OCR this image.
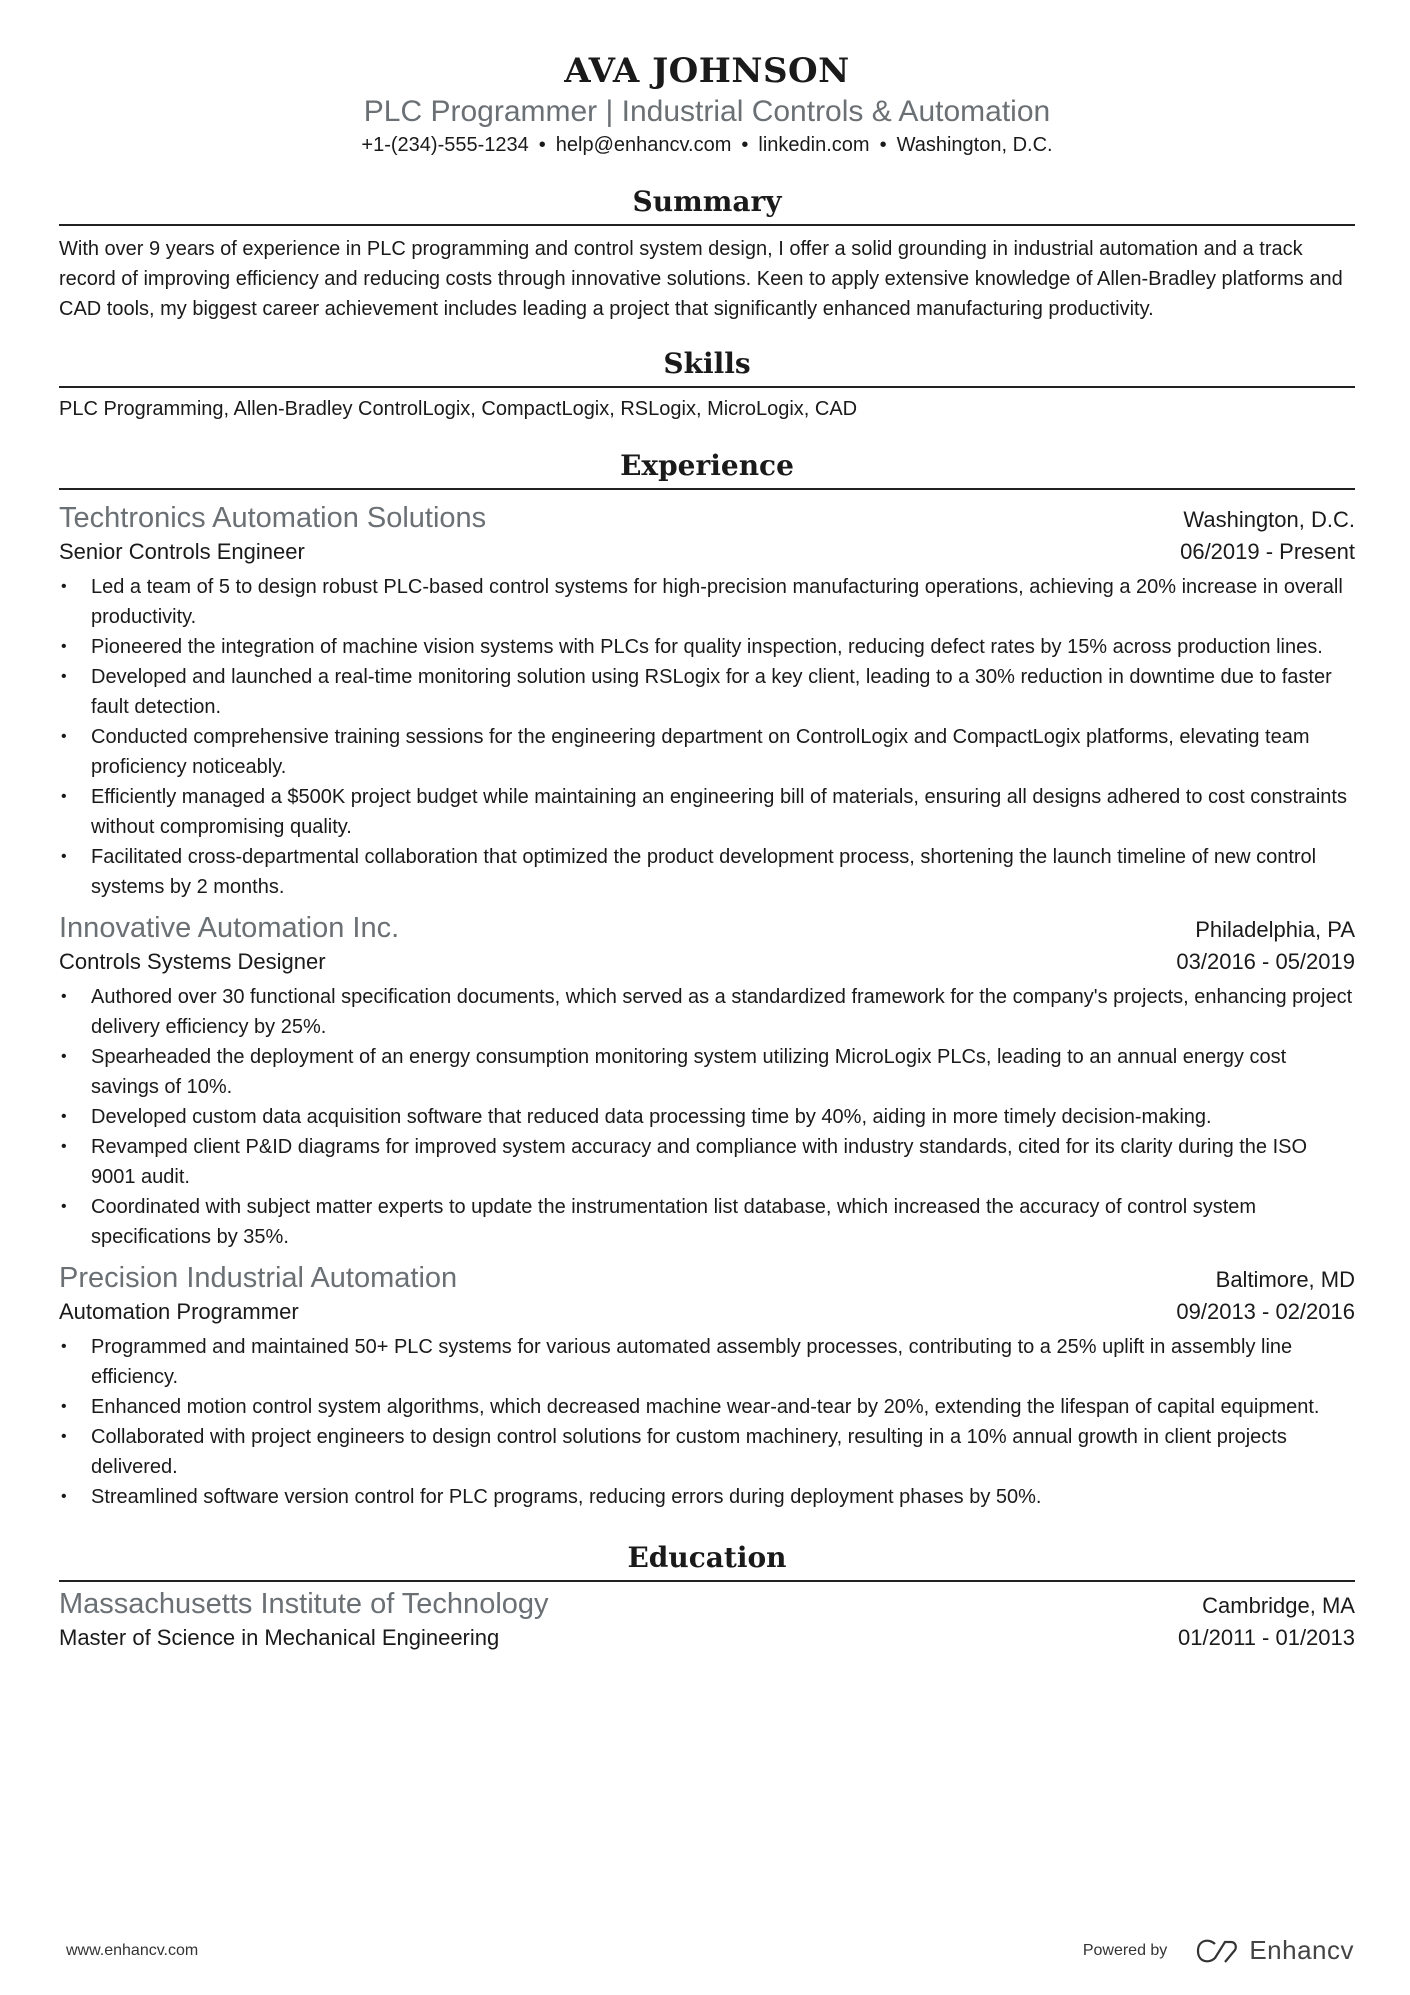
AVA JOHNSON
PLC Programmer | Industrial Controls & Automation
+1-(234)-555-1234 • help@enhancv.com • linkedin.com • Washington, D.C.
Summary
With over 9 years of experience in PLC programming and control system design, I offer a solid grounding in industrial automation and a track record of improving efficiency and reducing costs through innovative solutions. Keen to apply extensive knowledge of Allen-Bradley platforms and CAD tools, my biggest career achievement includes leading a project that significantly enhanced manufacturing productivity.
Skills
PLC Programming, Allen-Bradley ControlLogix, CompactLogix, RSLogix, MicroLogix, CAD
Experience
Techtronics Automation Solutions	Washington, D.C.
Senior Controls Engineer	06/2019 - Present
• Led a team of 5 to design robust PLC-based control systems for high-precision manufacturing operations, achieving a 20% increase in overall productivity.
• Pioneered the integration of machine vision systems with PLCs for quality inspection, reducing defect rates by 15% across production lines.
• Developed and launched a real-time monitoring solution using RSLogix for a key client, leading to a 30% reduction in downtime due to faster fault detection.
• Conducted comprehensive training sessions for the engineering department on ControlLogix and CompactLogix platforms, elevating team proficiency noticeably.
• Efficiently managed a $500K project budget while maintaining an engineering bill of materials, ensuring all designs adhered to cost constraints without compromising quality.
• Facilitated cross-departmental collaboration that optimized the product development process, shortening the launch timeline of new control systems by 2 months.
Innovative Automation Inc.	Philadelphia, PA
Controls Systems Designer	03/2016 - 05/2019
• Authored over 30 functional specification documents, which served as a standardized framework for the company's projects, enhancing project delivery efficiency by 25%.
• Spearheaded the deployment of an energy consumption monitoring system utilizing MicroLogix PLCs, leading to an annual energy cost savings of 10%.
• Developed custom data acquisition software that reduced data processing time by 40%, aiding in more timely decision-making.
• Revamped client P&ID diagrams for improved system accuracy and compliance with industry standards, cited for its clarity during the ISO 9001 audit.
• Coordinated with subject matter experts to update the instrumentation list database, which increased the accuracy of control system specifications by 35%.
Precision Industrial Automation	Baltimore, MD
Automation Programmer	09/2013 - 02/2016
• Programmed and maintained 50+ PLC systems for various automated assembly processes, contributing to a 25% uplift in assembly line efficiency.
• Enhanced motion control system algorithms, which decreased machine wear-and-tear by 20%, extending the lifespan of capital equipment.
• Collaborated with project engineers to design control solutions for custom machinery, resulting in a 10% annual growth in client projects delivered.
• Streamlined software version control for PLC programs, reducing errors during deployment phases by 50%.
Education
Massachusetts Institute of Technology	Cambridge, MA
Master of Science in Mechanical Engineering	01/2011 - 01/2013
www.enhancv.com	Powered by	Enhancv
